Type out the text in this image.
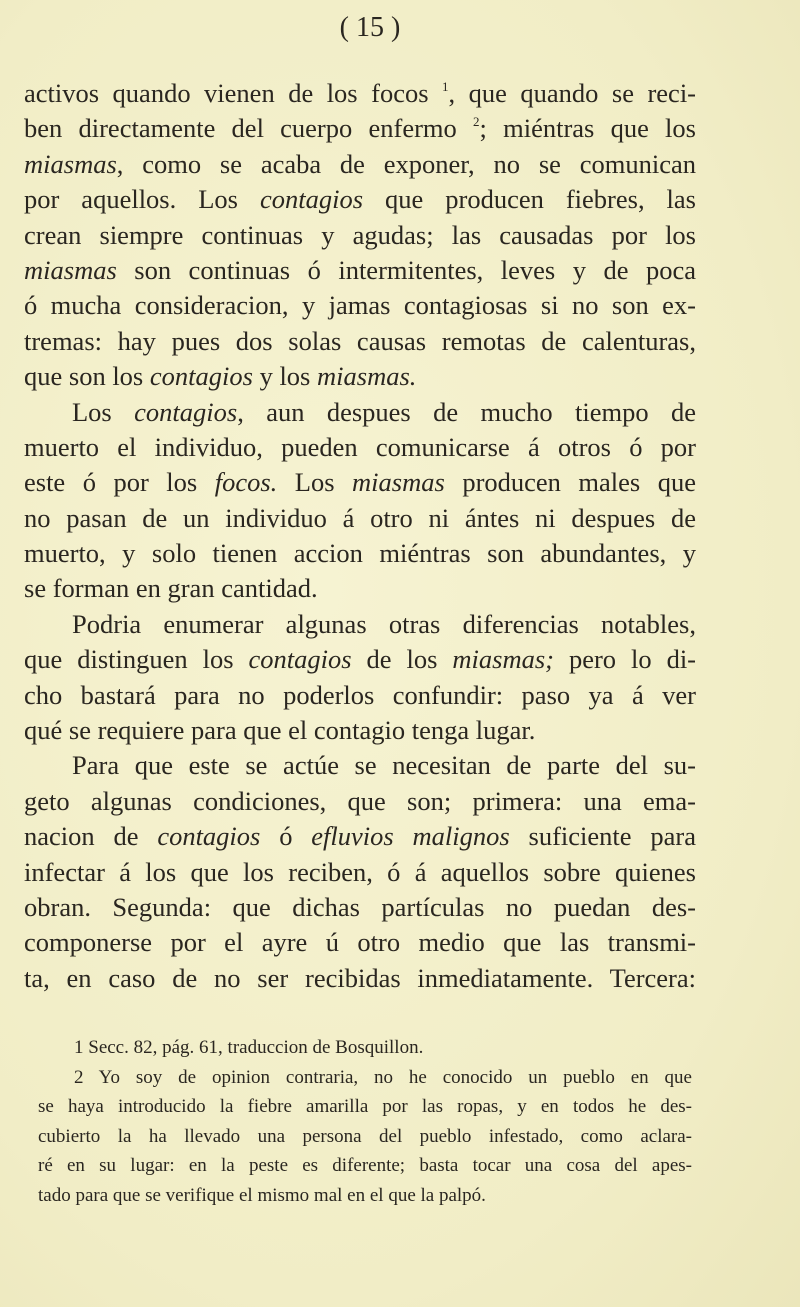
( 15 )
activos quando vienen de los focos $^1$, que quando se reci-
ben directamente del cuerpo enfermo $^2$; miéntras que los
miasmas, como se acaba de exponer, no se comunican
por aquellos. Los contagios que producen fiebres, las
crean siempre continuas y agudas; las causadas por los
miasmas son continuas ó intermitentes, leves y de poca
ó mucha consideracion, y jamas contagiosas si no son ex-
tremas: hay pues dos solas causas remotas de calenturas,
que son los contagios y los miasmas.
Los contagios, aun despues de mucho tiempo de
muerto el individuo, pueden comunicarse á otros ó por
este ó por los focos. Los miasmas producen males que
no pasan de un individuo á otro ni ántes ni despues de
muerto, y solo tienen accion miéntras son abundantes, y
se forman en gran cantidad.
Podria enumerar algunas otras diferencias notables,
que distinguen los contagios de los miasmas; pero lo di-
cho bastará para no poderlos confundir: paso ya á ver
qué se requiere para que el contagio tenga lugar.
Para que este se actúe se necesitan de parte del su-
geto algunas condiciones, que son; primera: una ema-
nacion de contagios ó efluvios malignos suficiente para
infectar á los que los reciben, ó á aquellos sobre quienes
obran. Segunda: que dichas partículas no puedan des-
componerse por el ayre ú otro medio que las transmi-
ta, en caso de no ser recibidas inmediatamente. Tercera:
1 Secc. 82, pág. 61, traduccion de Bosquillon.
2 Yo soy de opinion contraria, no he conocido un pueblo en que
se haya introducido la fiebre amarilla por las ropas, y en todos he des-
cubierto la ha llevado una persona del pueblo infestado, como aclara-
ré en su lugar: en la peste es diferente; basta tocar una cosa del apes-
tado para que se verifique el mismo mal en el que la palpó.
